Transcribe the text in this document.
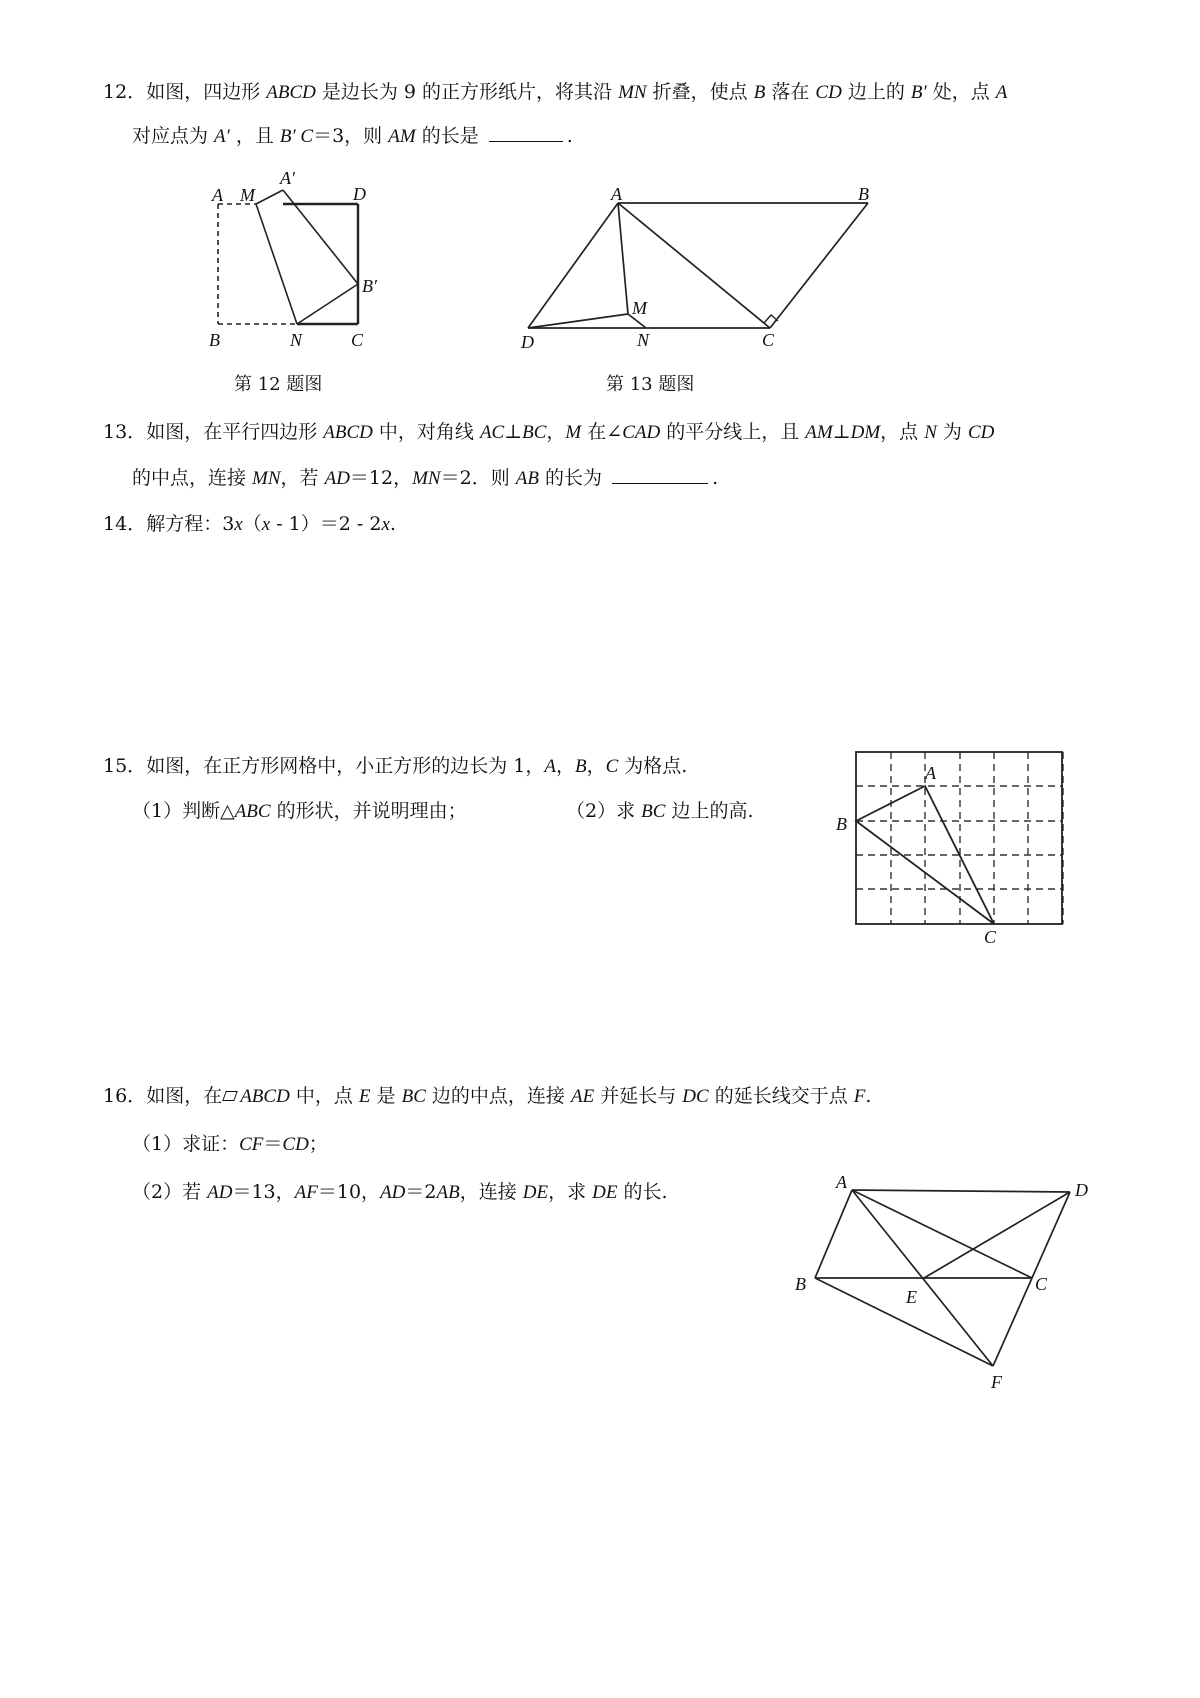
12．如图，四边形 ABCD 是边长为 9 的正方形纸片，将其沿 MN 折叠，使点 B 落在 CD 边上的 B′ 处，点 A
对应点为 A′ ，且 B′ C＝3，则 AM 的长是	.
A M
A′
D
B′
B	N	C
第 12 题图
A	B
M
D	N	C
第 13 题图
13．如图，在平行四边形 ABCD 中，对角线 AC⊥BC，M 在∠CAD 的平分线上，且 AM⊥DM，点 N 为 CD
的中点，连接 MN，若 AD＝12，MN＝2．则 AB 的长为	.
14．解方程：3x（x - 1）＝2 - 2x.
15．如图，在正方形网格中，小正方形的边长为 1，A，B，C 为格点.
（1）判断△ABC 的形状，并说明理由；	（2）求 BC 边上的高.
A
B
C
16．如图，在 ABCD 中，点 E 是 BC 边的中点，连接 AE 并延长与 DC 的延长线交于点 F.
（1）求证：CF＝CD；
（2）若 AD＝13，AF＝10，AD＝2AB，连接 DE，求 DE 的长.	A	D
B
E
C
F
